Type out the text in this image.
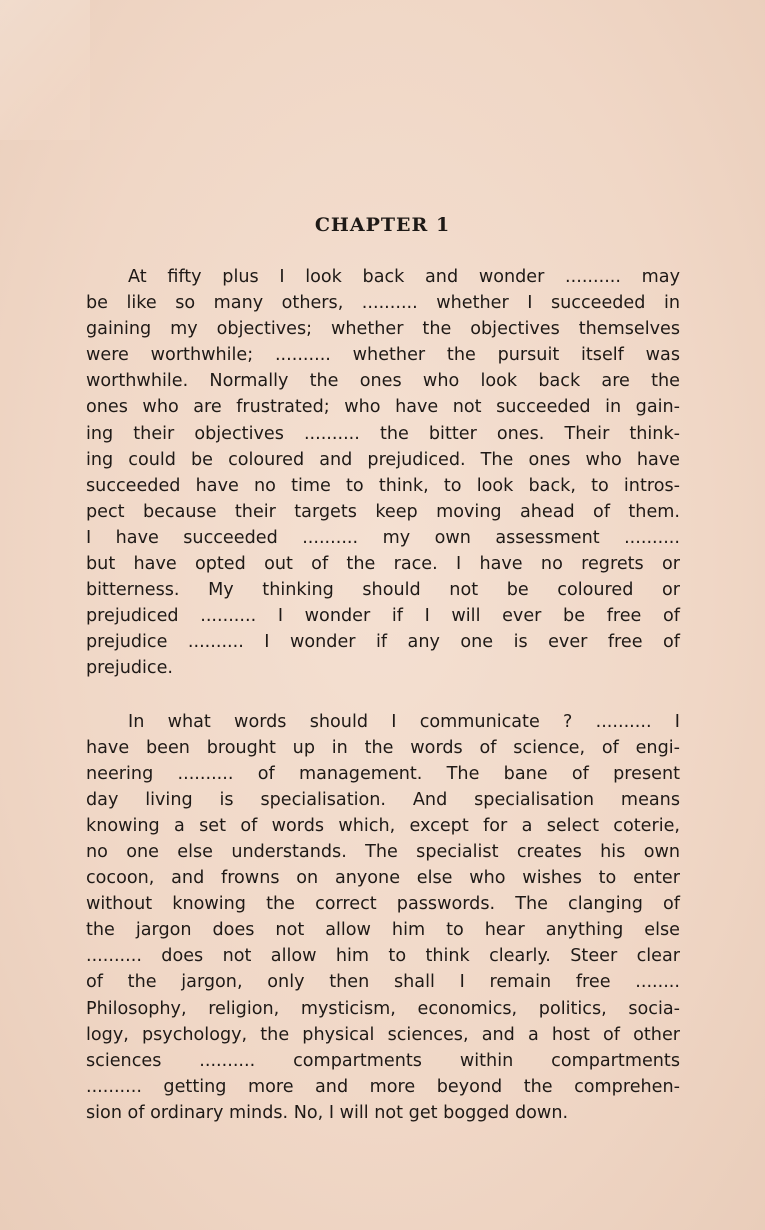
CHAPTER 1
At fifty plus I look back and wonder .......... may
be like so many others, .......... whether I succeeded in
gaining my objectives; whether the objectives themselves
were worthwhile; .......... whether the pursuit itself was
worthwhile. Normally the ones who look back are the
ones who are frustrated; who have not succeeded in gain-
ing their objectives .......... the bitter ones. Their think-
ing could be coloured and prejudiced. The ones who have
succeeded have no time to think, to look back, to intros-
pect because their targets keep moving ahead of them.
I have succeeded .......... my own assessment ..........
but have opted out of the race. I have no regrets or
bitterness. My thinking should not be coloured or
prejudiced .......... I wonder if I will ever be free of
prejudice .......... I wonder if any one is ever free of
prejudice.
In what words should I communicate ? .......... I
have been brought up in the words of science, of engi-
neering .......... of management. The bane of present
day living is specialisation. And specialisation means
knowing a set of words which, except for a select coterie,
no one else understands. The specialist creates his own
cocoon, and frowns on anyone else who wishes to enter
without knowing the correct passwords. The clanging of
the jargon does not allow him to hear anything else
.......... does not allow him to think clearly. Steer clear
of the jargon, only then shall I remain free ........
Philosophy, religion, mysticism, economics, politics, socia-
logy, psychology, the physical sciences, and a host of other
sciences .......... compartments within compartments
.......... getting more and more beyond the comprehen-
sion of ordinary minds. No, I will not get bogged down.
